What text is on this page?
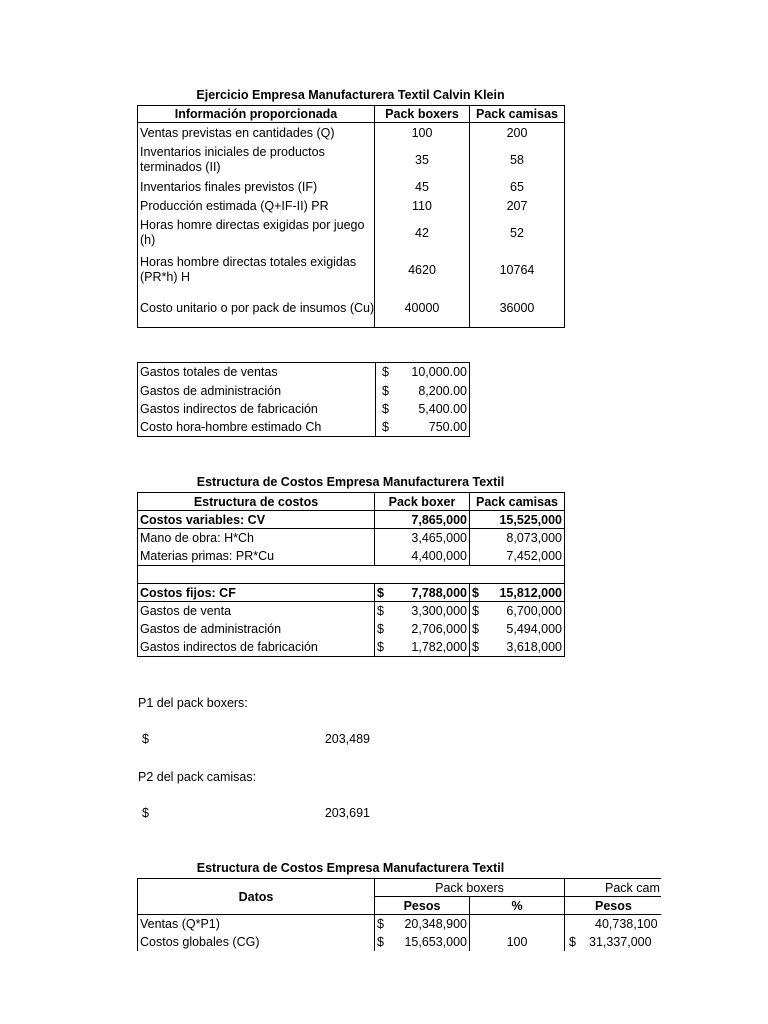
Ejercicio Empresa Manufacturera Textil Calvin Klein
Información proporcionada	Pack boxers	Pack camisas
Ventas previstas en cantidades (Q)	100	200
Inventarios iniciales de productos terminados (II)	35	58
Inventarios finales previstos (IF)	45	65
Producción estimada (Q+IF-II) PR	110	207
Horas homre directas exigidas por juego (h)	42	52
Horas hombre directas totales exigidas (PR*h) H	4620	10764
Costo unitario o por pack de insumos (Cu)	40000	36000
Gastos totales de ventas	$ 10,000.00
Gastos de administración	$ 8,200.00
Gastos indirectos de fabricación	$ 5,400.00
Costo hora-hombre estimado Ch	$ 750.00
Estructura de Costos Empresa Manufacturera Textil
Estructura de costos	Pack boxer	Pack camisas
Costos variables: CV	7,865,000	15,525,000
Mano de obra: H*Ch	3,465,000	8,073,000
Materias primas: PR*Cu	4,400,000	7,452,000

Costos fijos: CF	$ 7,788,000	$ 15,812,000
Gastos de venta	$ 3,300,000	$ 6,700,000
Gastos de administración	$ 2,706,000	$ 5,494,000
Gastos indirectos de fabricación	$ 1,782,000	$ 3,618,000
P1 del pack boxers:
$	203,489
P2 del pack camisas:
$	203,691
Estructura de Costos Empresa Manufacturera Textil
Datos	Pack boxers		Pack cam
	Pesos	%	Pesos
Ventas (Q*P1)	$ 20,348,900		40,738,100
Costos globales (CG)	$ 15,653,000	100	$ 31,337,000
